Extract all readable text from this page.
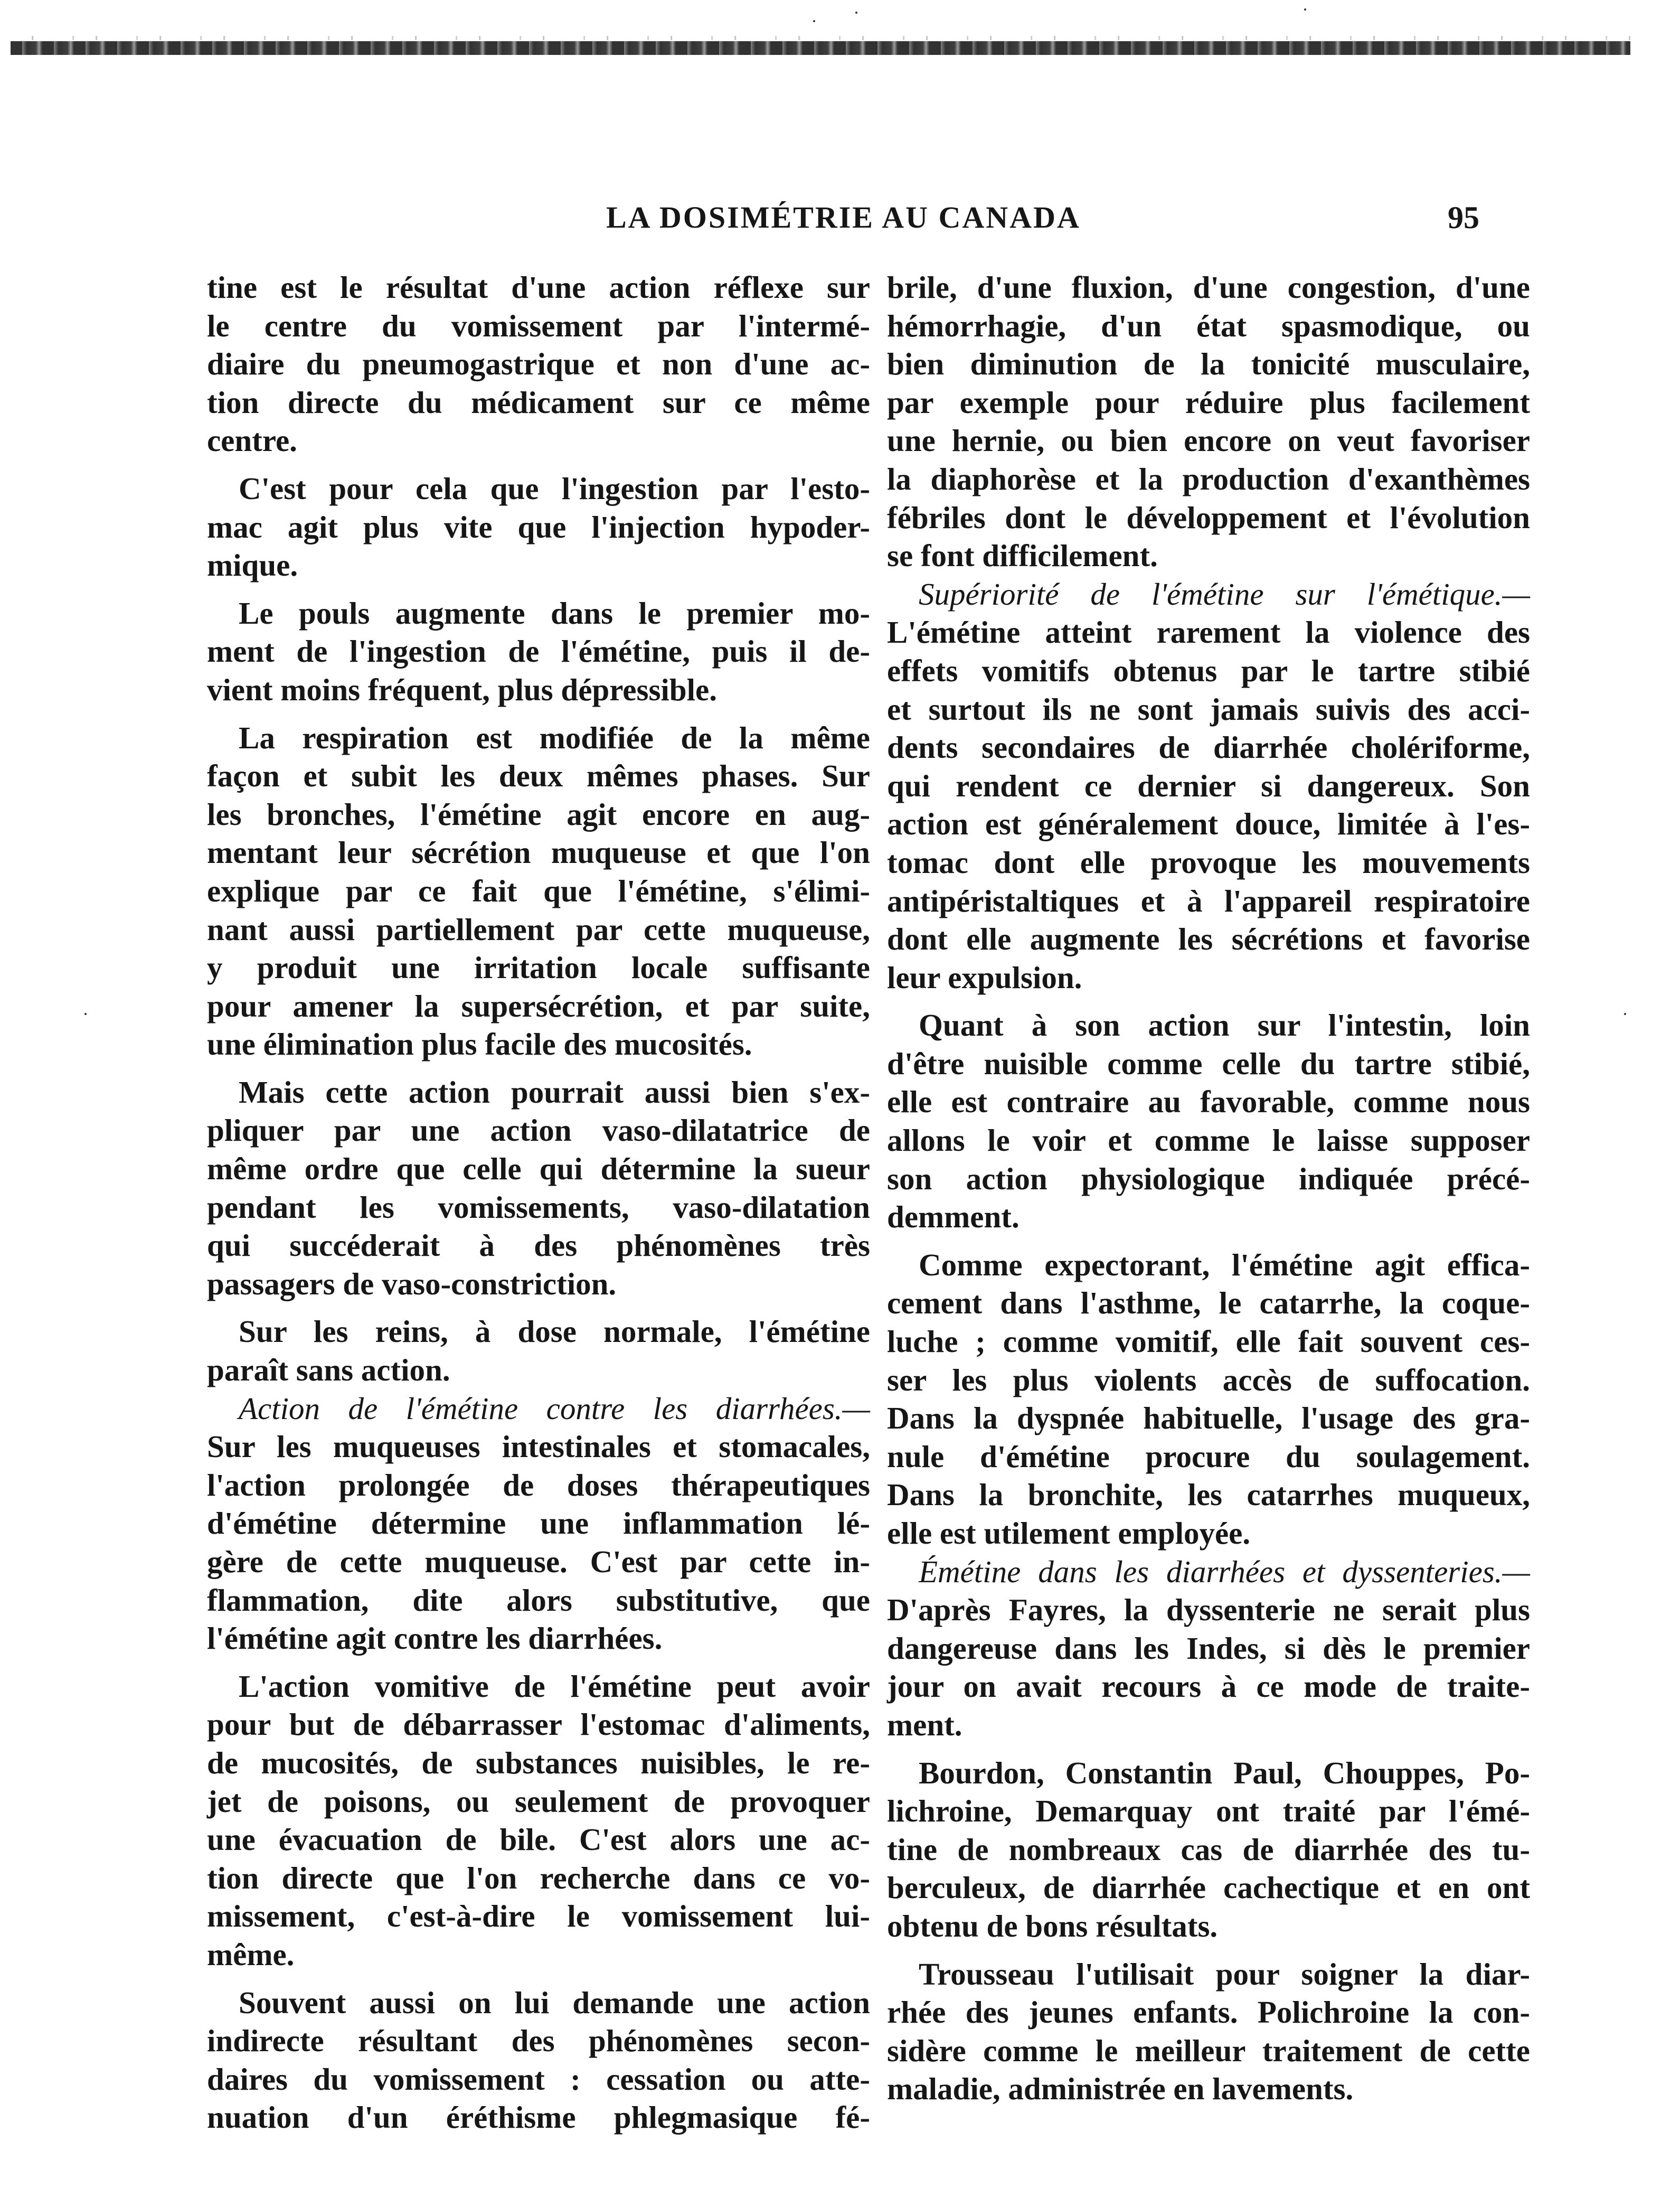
LA DOSIMÉTRIE AU CANADA	95
tine est le résultat d'une action réflexe sur
le centre du vomissement par l'intermé-
diaire du pneumogastrique et non d'une ac-
tion directe du médicament sur ce même
centre.
C'est pour cela que l'ingestion par l'esto-
mac agit plus vite que l'injection hypoder-
mique.
Le pouls augmente dans le premier mo-
ment de l'ingestion de l'émétine, puis il de-
vient moins fréquent, plus dépressible.
La respiration est modifiée de la même
façon et subit les deux mêmes phases. Sur
les bronches, l'émétine agit encore en aug-
mentant leur sécrétion muqueuse et que l'on
explique par ce fait que l'émétine, s'élimi-
nant aussi partiellement par cette muqueuse,
y produit une irritation locale suffisante
pour amener la supersécrétion, et par suite,
une élimination plus facile des mucosités.
Mais cette action pourrait aussi bien s'ex-
pliquer par une action vaso-dilatatrice de
même ordre que celle qui détermine la sueur
pendant les vomissements, vaso-dilatation
qui succéderait à des phénomènes très
passagers de vaso-constriction.
Sur les reins, à dose normale, l'émétine
paraît sans action.
Action de l'émétine contre les diarrhées.—
Sur les muqueuses intestinales et stomacales,
l'action prolongée de doses thérapeutiques
d'émétine détermine une inflammation lé-
gère de cette muqueuse. C'est par cette in-
flammation, dite alors substitutive, que
l'émétine agit contre les diarrhées.
L'action vomitive de l'émétine peut avoir
pour but de débarrasser l'estomac d'aliments,
de mucosités, de substances nuisibles, le re-
jet de poisons, ou seulement de provoquer
une évacuation de bile. C'est alors une ac-
tion directe que l'on recherche dans ce vo-
missement, c'est-à-dire le vomissement lui-
même.
Souvent aussi on lui demande une action
indirecte résultant des phénomènes secon-
daires du vomissement : cessation ou atte-
nuation d'un éréthisme phlegmasique fé-
brile, d'une fluxion, d'une congestion, d'une
hémorrhagie, d'un état spasmodique, ou
bien diminution de la tonicité musculaire,
par exemple pour réduire plus facilement
une hernie, ou bien encore on veut favoriser
la diaphorèse et la production d'exanthèmes
fébriles dont le développement et l'évolution
se font difficilement.
Supériorité de l'émétine sur l'émétique.—
L'émétine atteint rarement la violence des
effets vomitifs obtenus par le tartre stibié
et surtout ils ne sont jamais suivis des acci-
dents secondaires de diarrhée cholériforme,
qui rendent ce dernier si dangereux. Son
action est généralement douce, limitée à l'es-
tomac dont elle provoque les mouvements
antipéristaltiques et à l'appareil respiratoire
dont elle augmente les sécrétions et favorise
leur expulsion.
Quant à son action sur l'intestin, loin
d'être nuisible comme celle du tartre stibié,
elle est contraire au favorable, comme nous
allons le voir et comme le laisse supposer
son action physiologique indiquée précé-
demment.
Comme expectorant, l'émétine agit effica-
cement dans l'asthme, le catarrhe, la coque-
luche ; comme vomitif, elle fait souvent ces-
ser les plus violents accès de suffocation.
Dans la dyspnée habituelle, l'usage des gra-
nule d'émétine procure du soulagement.
Dans la bronchite, les catarrhes muqueux,
elle est utilement employée.
Émétine dans les diarrhées et dyssenteries.—
D'après Fayres, la dyssenterie ne serait plus
dangereuse dans les Indes, si dès le premier
jour on avait recours à ce mode de traite-
ment.
Bourdon, Constantin Paul, Chouppes, Po-
lichroine, Demarquay ont traité par l'émé-
tine de nombreaux cas de diarrhée des tu-
berculeux, de diarrhée cachectique et en ont
obtenu de bons résultats.
Trousseau l'utilisait pour soigner la diar-
rhée des jeunes enfants. Polichroine la con-
sidère comme le meilleur traitement de cette
maladie, administrée en lavements.
